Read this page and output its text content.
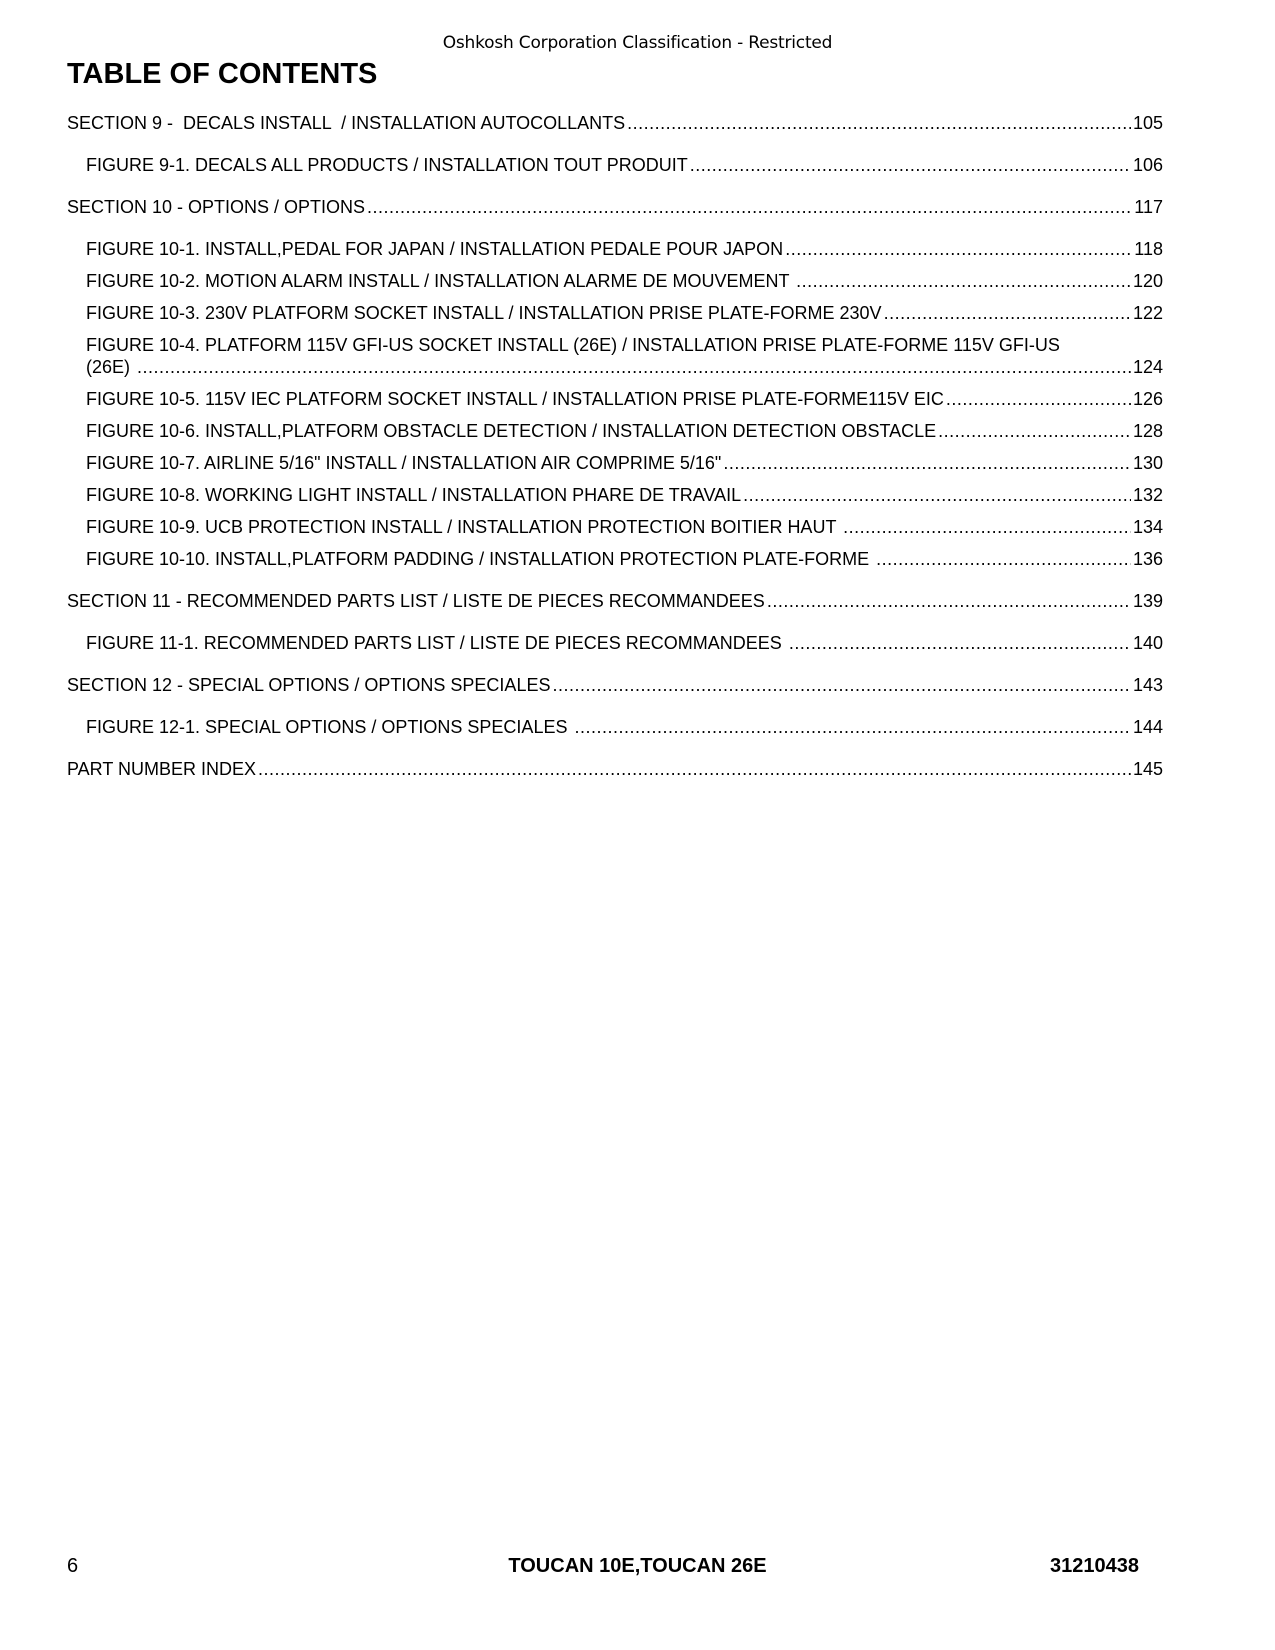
Oshkosh Corporation Classification - Restricted
TABLE OF CONTENTS
SECTION 9 -  DECALS INSTALL  / INSTALLATION AUTOCOLLANTS .....	105
FIGURE 9-1. DECALS ALL PRODUCTS / INSTALLATION TOUT PRODUIT .....	106
SECTION 10 - OPTIONS / OPTIONS .....	117
FIGURE 10-1. INSTALL,PEDAL FOR JAPAN / INSTALLATION PEDALE POUR JAPON .....	118
FIGURE 10-2. MOTION ALARM INSTALL / INSTALLATION ALARME DE MOUVEMENT .....	120
FIGURE 10-3. 230V PLATFORM SOCKET INSTALL / INSTALLATION PRISE PLATE-FORME 230V .....	122
FIGURE 10-4. PLATFORM 115V GFI-US SOCKET INSTALL (26E) / INSTALLATION PRISE PLATE-FORME 115V GFI-US
(26E) .....	124
FIGURE 10-5. 115V IEC PLATFORM SOCKET INSTALL / INSTALLATION PRISE PLATE-FORME115V EIC .....	126
FIGURE 10-6. INSTALL,PLATFORM OBSTACLE DETECTION / INSTALLATION DETECTION OBSTACLE .....	128
FIGURE 10-7. AIRLINE 5/16" INSTALL / INSTALLATION AIR COMPRIME 5/16" .....	130
FIGURE 10-8. WORKING LIGHT INSTALL / INSTALLATION PHARE DE TRAVAIL .....	132
FIGURE 10-9. UCB PROTECTION INSTALL / INSTALLATION PROTECTION BOITIER HAUT .....	134
FIGURE 10-10. INSTALL,PLATFORM PADDING / INSTALLATION PROTECTION PLATE-FORME .....	136
SECTION 11 - RECOMMENDED PARTS LIST / LISTE DE PIECES RECOMMANDEES .....	139
FIGURE 11-1. RECOMMENDED PARTS LIST / LISTE DE PIECES RECOMMANDEES .....	140
SECTION 12 - SPECIAL OPTIONS / OPTIONS SPECIALES .....	143
FIGURE 12-1. SPECIAL OPTIONS / OPTIONS SPECIALES .....	144
PART NUMBER INDEX .....	145
6	TOUCAN 10E,TOUCAN 26E	31210438
